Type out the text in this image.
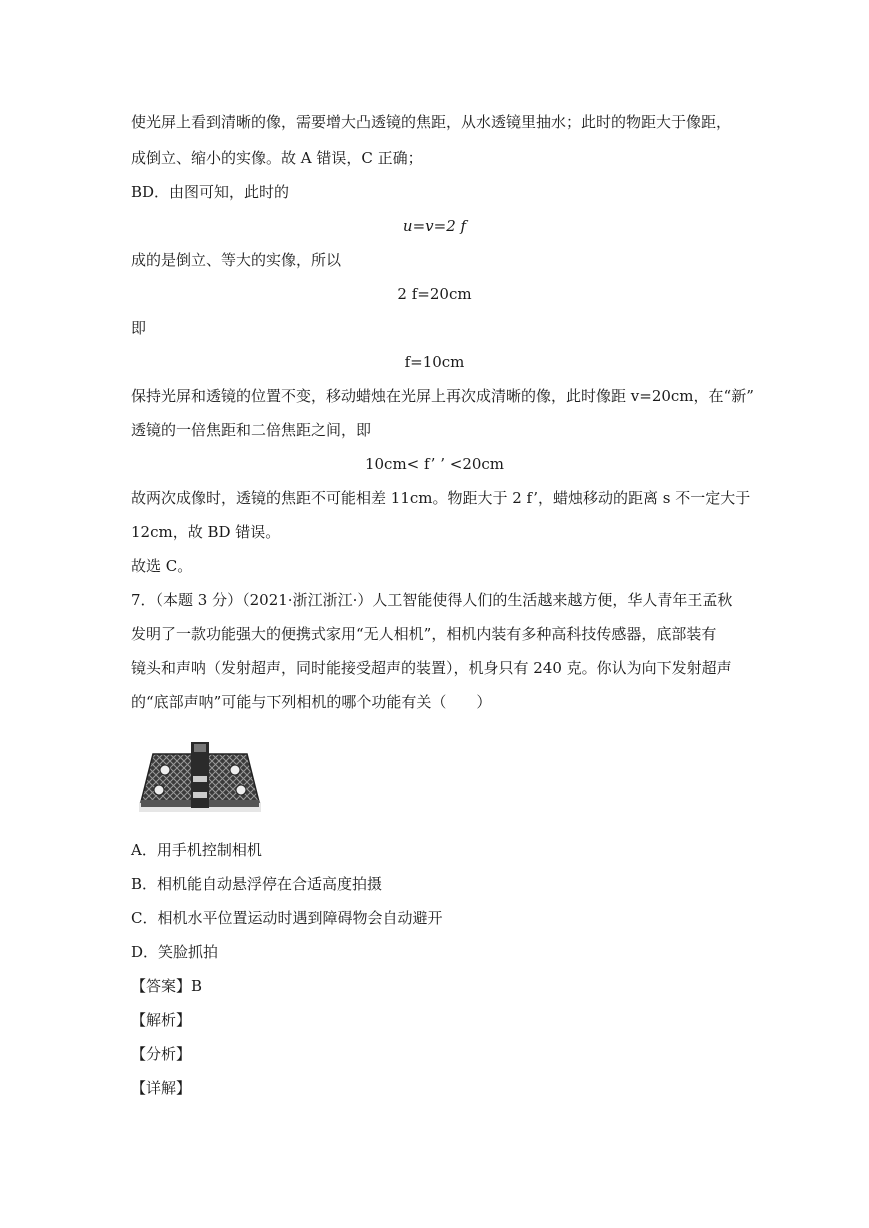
使光屏上看到清晰的像，需要增大凸透镜的焦距，从水透镜里抽水；此时的物距大于像距，
成倒立、缩小的实像。故 A 错误，C 正确；
BD．由图可知，此时的
u=v=2 f
成的是倒立、等大的实像，所以
2 f=20cm
即
f=10cm
保持光屏和透镜的位置不变，移动蜡烛在光屏上再次成清晰的像，此时像距 v=20cm，在“新”
透镜的一倍焦距和二倍焦距之间，即
10cm< f’ ’ <20cm
故两次成像时，透镜的焦距不可能相差 11cm。物距大于 2 f’，蜡烛移动的距离 s 不一定大于
12cm，故 BD 错误。
故选 C。
7．（本题 3 分）（2021·浙江浙江·）人工智能使得人们的生活越来越方便，华人青年王孟秋
发明了一款功能强大的便携式家用“无人相机”，相机内装有多种高科技传感器，底部装有
镜头和声呐（发射超声，同时能接受超声的装置），机身只有 240 克。你认为向下发射超声
的“底部声呐”可能与下列相机的哪个功能有关（　　）
A．用手机控制相机
B．相机能自动悬浮停在合适高度拍摄
C．相机水平位置运动时遇到障碍物会自动避开
D．笑脸抓拍
【答案】B
【解析】
【分析】
【详解】
